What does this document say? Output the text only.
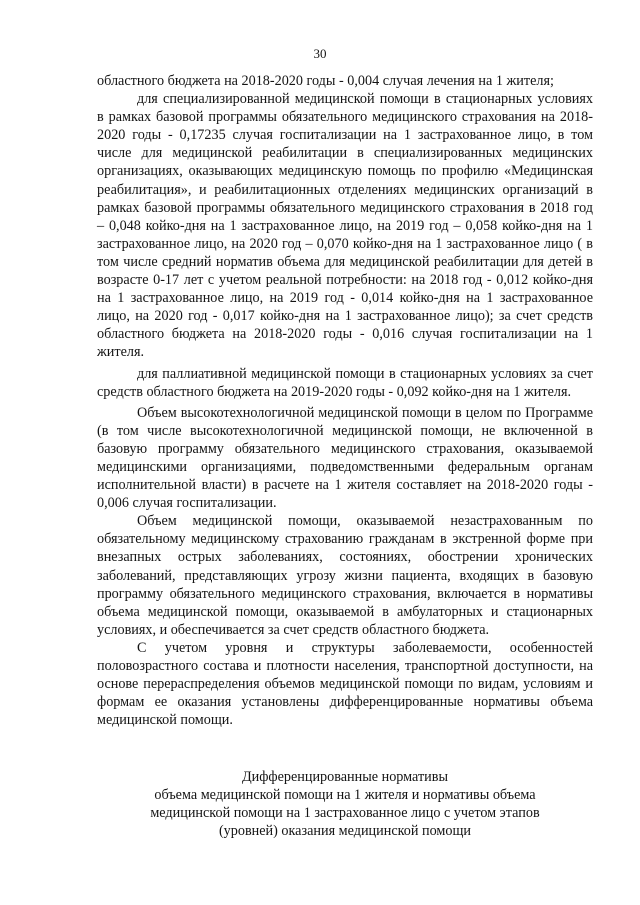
30

областного бюджета на 2018-2020 годы - 0,004 случая лечения на 1 жителя;

для специализированной медицинской помощи в стационарных условиях в рамках базовой программы обязательного медицинского страхования на 2018-2020 годы - 0,17235 случая госпитализации на 1 застрахованное лицо, в том числе для медицинской реабилитации в специализированных медицинских организациях, оказывающих медицинскую помощь по профилю «Медицинская реабилитация», и реабилитационных отделениях медицинских организаций в рамках базовой программы обязательного медицинского страхования в 2018 год – 0,048 койко-дня на 1 застрахованное лицо, на 2019 год – 0,058 койко-дня на 1 застрахованное лицо, на 2020 год – 0,070 койко-дня на 1 застрахованное лицо ( в том числе средний норматив объема для медицинской реабилитации для детей в возрасте 0-17 лет с учетом реальной потребности: на 2018 год - 0,012 койко-дня на 1 застрахованное лицо, на 2019 год - 0,014 койко-дня на 1 застрахованное лицо, на 2020 год - 0,017 койко-дня на 1 застрахованное лицо); за счет средств областного бюджета на 2018-2020 годы - 0,016 случая госпитализации на 1 жителя.

для паллиативной медицинской помощи в стационарных условиях за счет средств областного бюджета на 2019-2020 годы - 0,092 койко-дня на 1 жителя.

Объем высокотехнологичной медицинской помощи в целом по Программе (в том числе высокотехнологичной медицинской помощи, не включенной в базовую программу обязательного медицинского страхования, оказываемой медицинскими организациями, подведомственными федеральным органам исполнительной власти) в расчете на 1 жителя составляет на 2018-2020 годы - 0,006 случая госпитализации.

Объем медицинской помощи, оказываемой незастрахованным по обязательному медицинскому страхованию гражданам в экстренной форме при внезапных острых заболеваниях, состояниях, обострении хронических заболеваний, представляющих угрозу жизни пациента, входящих в базовую программу обязательного медицинского страхования, включается в нормативы объема медицинской помощи, оказываемой в амбулаторных и стационарных условиях, и обеспечивается за счет средств областного бюджета.

С учетом уровня и структуры заболеваемости, особенностей половозрастного состава и плотности населения, транспортной доступности, на основе перераспределения объемов медицинской помощи по видам, условиям и формам ее оказания установлены дифференцированные нормативы объема медицинской помощи.

Дифференцированные нормативы
объема медицинской помощи на 1 жителя и нормативы объема
медицинской помощи на 1 застрахованное лицо с учетом этапов
(уровней) оказания медицинской помощи
